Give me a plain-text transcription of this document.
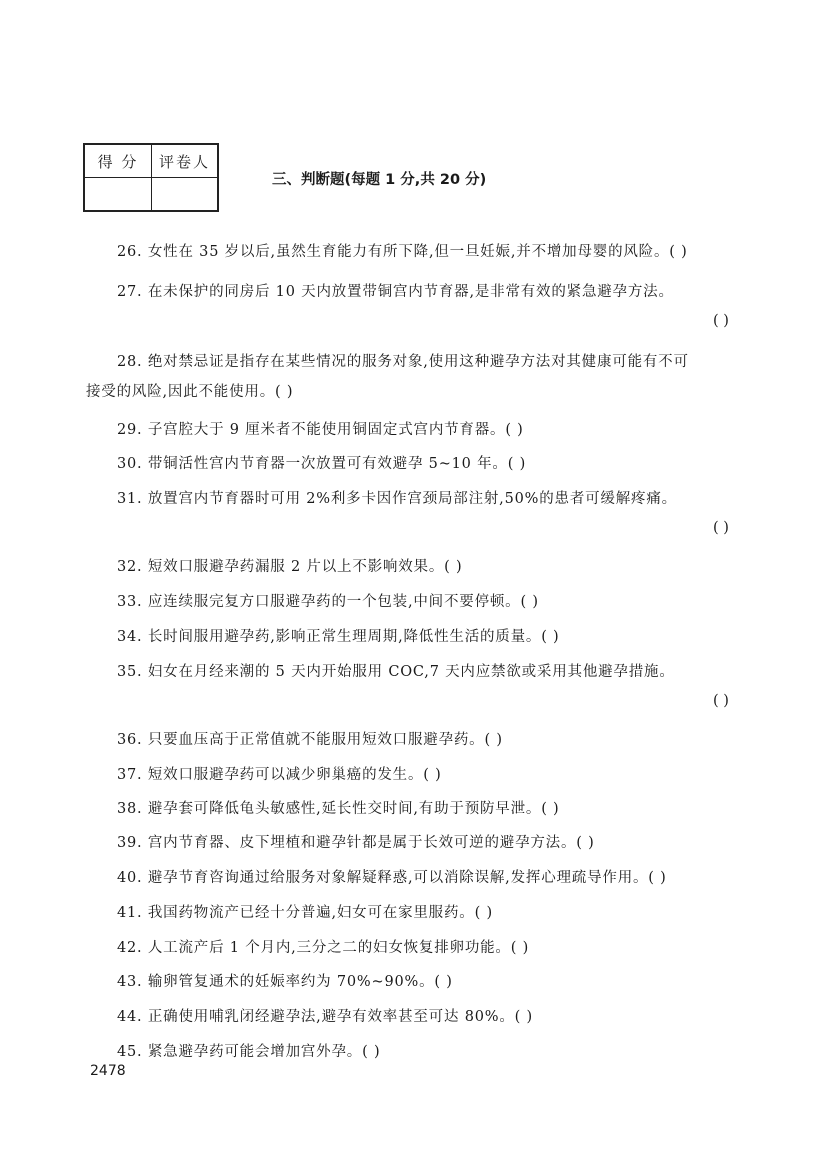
得 分	评卷人
三、判断题(每题 1 分,共 20 分)
26. 女性在 35 岁以后,虽然生育能力有所下降,但一旦妊娠,并不增加母婴的风险。( )
27. 在未保护的同房后 10 天内放置带铜宫内节育器,是非常有效的紧急避孕方法。
( )
28. 绝对禁忌证是指存在某些情况的服务对象,使用这种避孕方法对其健康可能有不可
接受的风险,因此不能使用。( )
29. 子宫腔大于 9 厘米者不能使用铜固定式宫内节育器。( )
30. 带铜活性宫内节育器一次放置可有效避孕 5~10 年。( )
31. 放置宫内节育器时可用 2%利多卡因作宫颈局部注射,50%的患者可缓解疼痛。
( )
32. 短效口服避孕药漏服 2 片以上不影响效果。( )
33. 应连续服完复方口服避孕药的一个包装,中间不要停顿。( )
34. 长时间服用避孕药,影响正常生理周期,降低性生活的质量。( )
35. 妇女在月经来潮的 5 天内开始服用 COC,7 天内应禁欲或采用其他避孕措施。
( )
36. 只要血压高于正常值就不能服用短效口服避孕药。( )
37. 短效口服避孕药可以减少卵巢癌的发生。( )
38. 避孕套可降低龟头敏感性,延长性交时间,有助于预防早泄。( )
39. 宫内节育器、皮下埋植和避孕针都是属于长效可逆的避孕方法。( )
40. 避孕节育咨询通过给服务对象解疑释惑,可以消除误解,发挥心理疏导作用。( )
41. 我国药物流产已经十分普遍,妇女可在家里服药。( )
42. 人工流产后 1 个月内,三分之二的妇女恢复排卵功能。( )
43. 输卵管复通术的妊娠率约为 70%~90%。( )
44. 正确使用哺乳闭经避孕法,避孕有效率甚至可达 80%。( )
45. 紧急避孕药可能会增加宫外孕。( )
2478
